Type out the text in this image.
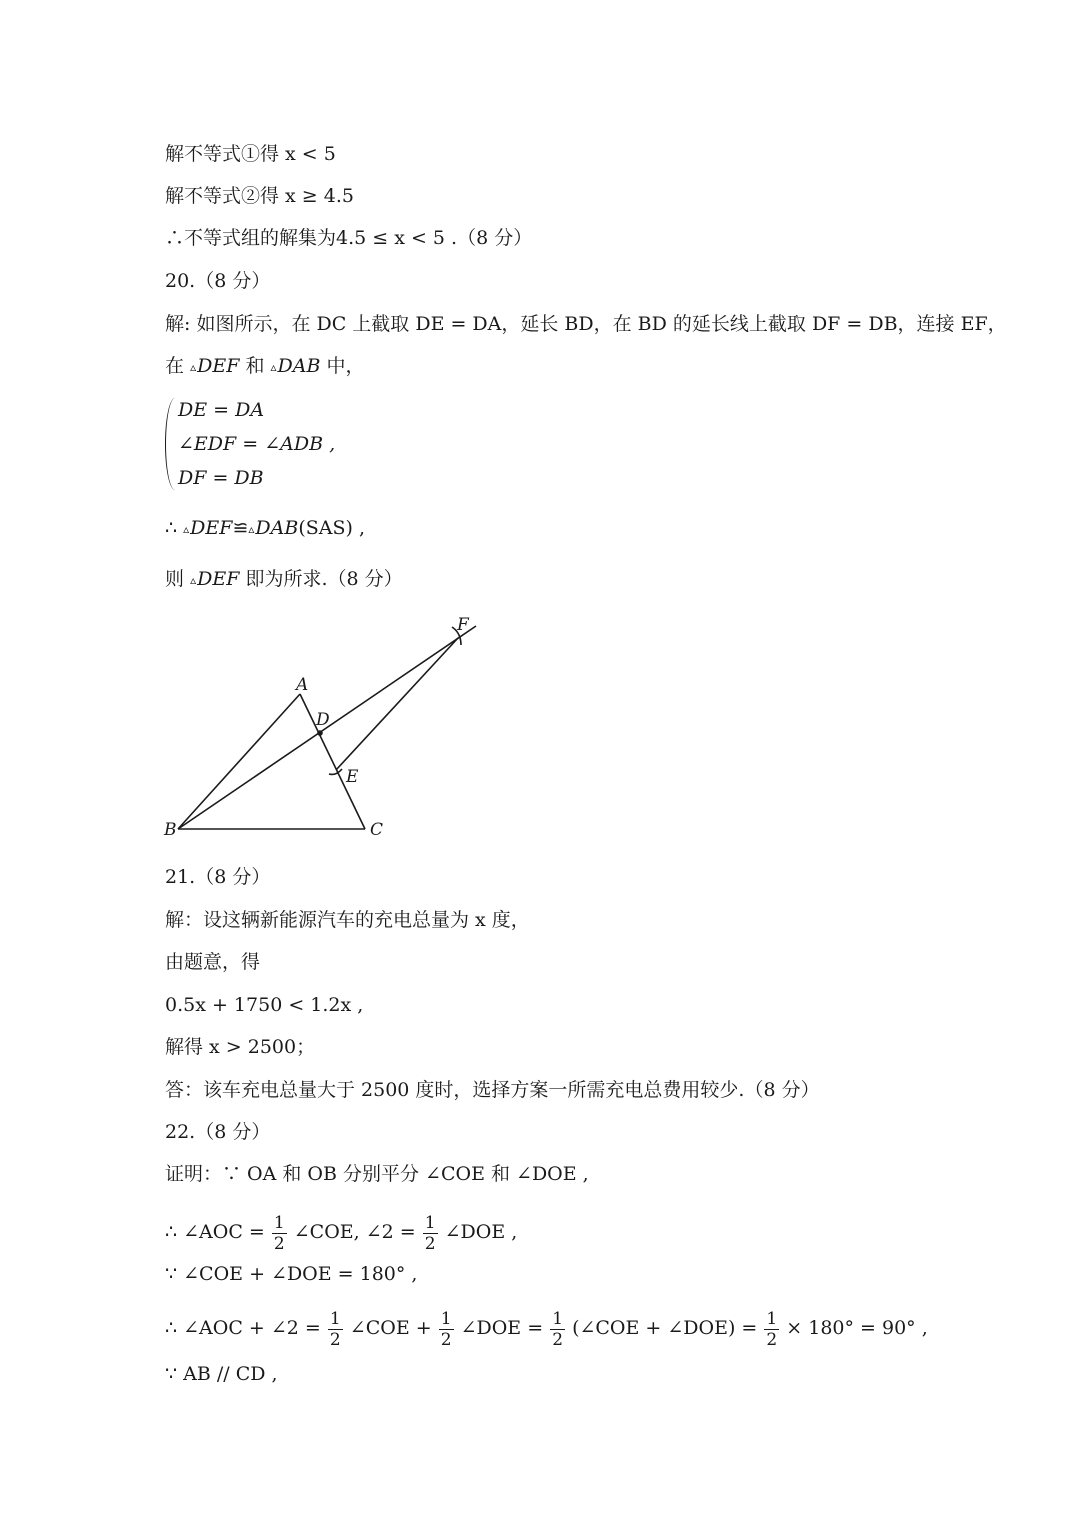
解不等式①得 x < 5
解不等式②得 x ≥ 4.5
∴不等式组的解集为4.5 ≤ x < 5 .（8 分）
20.（8 分）
解: 如图所示，在 DC 上截取 DE = DA，延长 BD，在 BD 的延长线上截取 DF = DB，连接 EF，
在 ▵DEF 和 ▵DAB 中，
DE = DA
∠EDF = ∠ADB ,
DF = DB
∴ ▵DEF≌▵DAB(SAS) ,
则 ▵DEF 即为所求.（8 分）
A
B	C
D
E
F
21.（8 分）
解：设这辆新能源汽车的充电总量为 x 度，
由题意，得
0.5x + 1750 < 1.2x ,
解得 x > 2500；
答：该车充电总量大于 2500 度时，选择方案一所需充电总费用较少.（8 分）
22.（8 分）
证明：∵ OA 和 OB 分别平分 ∠COE 和 ∠DOE ,
∴ ∠AOC = $\frac{1}{2}$ ∠COE, ∠2 = $\frac{1}{2}$ ∠DOE ,
∵ ∠COE + ∠DOE = 180° ,
∴ ∠AOC + ∠2 = $\frac{1}{2}$ ∠COE + $\frac{1}{2}$ ∠DOE = $\frac{1}{2}$ (∠COE + ∠DOE) = $\frac{1}{2} \times 180^\circ = 90^\circ$ ,
∵ AB // CD ,
